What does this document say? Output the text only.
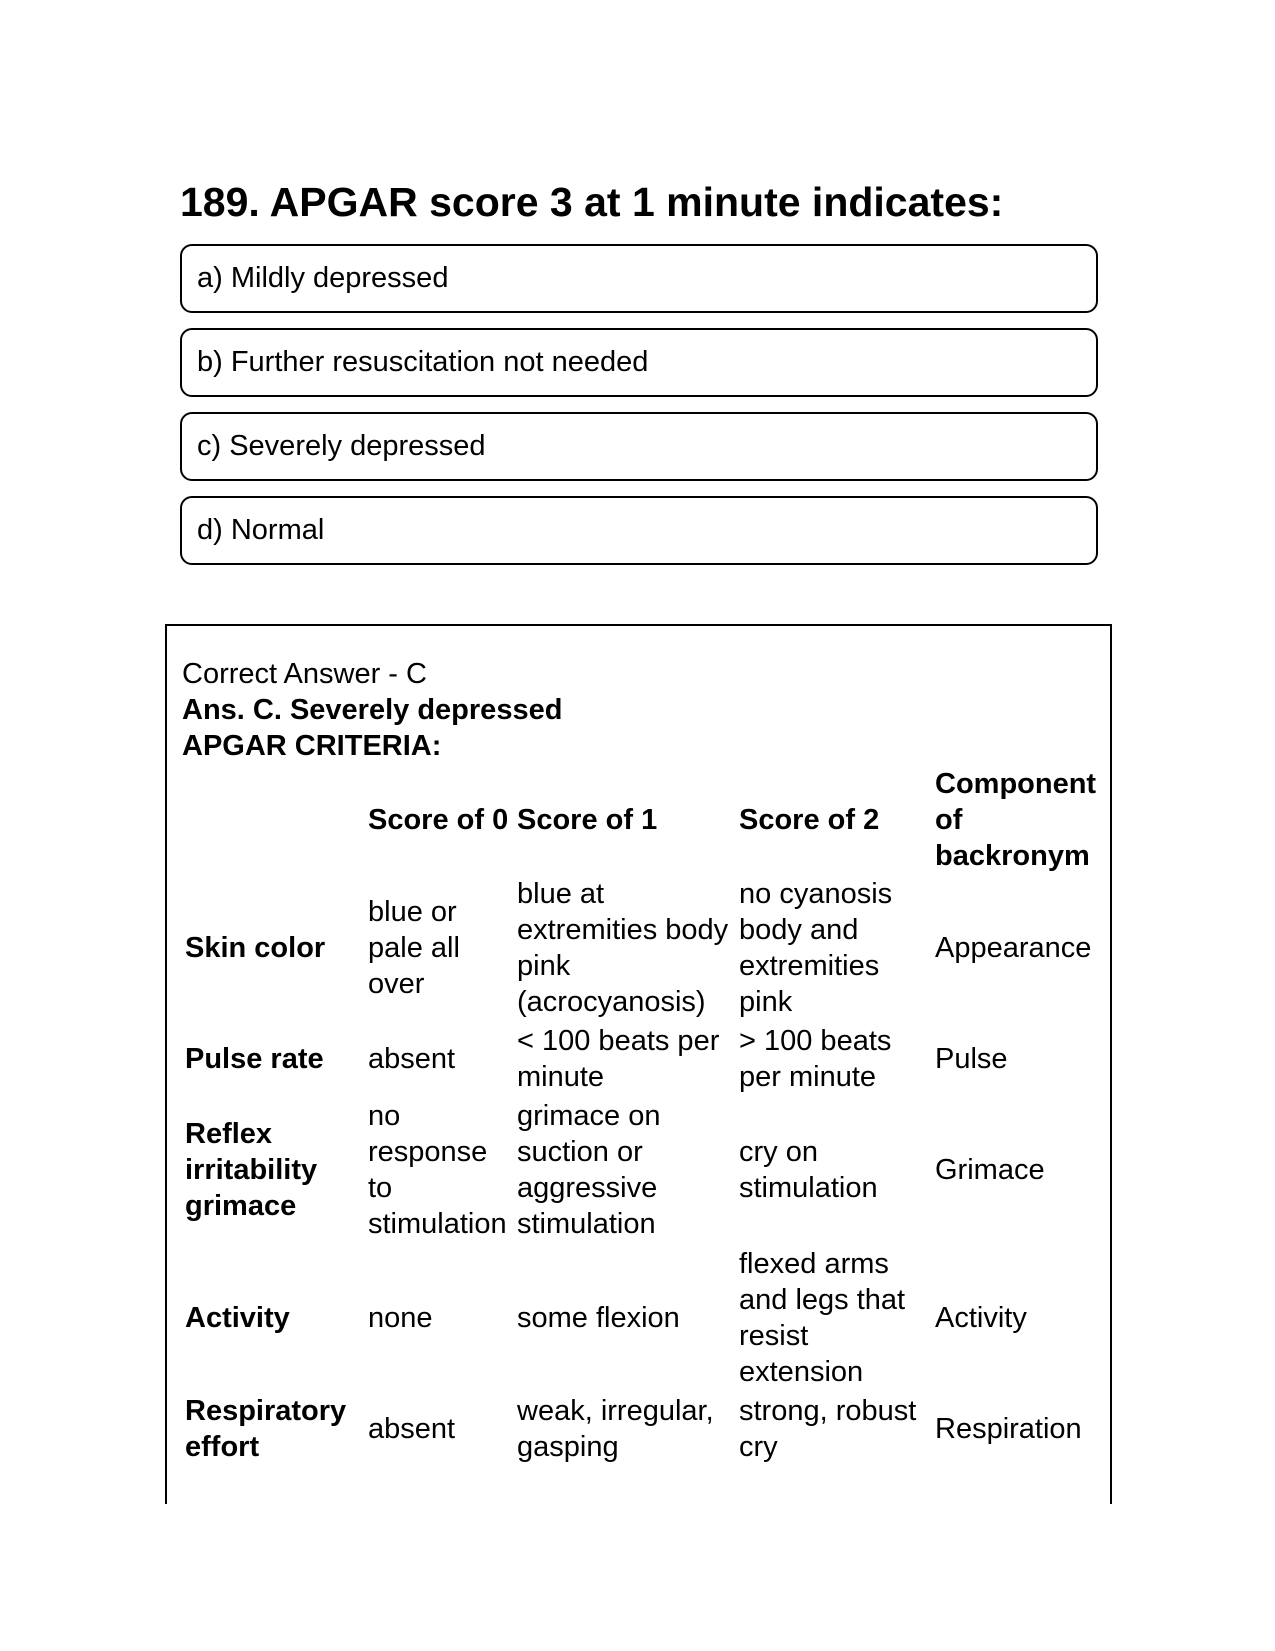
189. APGAR score 3 at 1 minute indicates:
a) Mildly depressed
b) Further resuscitation not needed
c) Severely depressed
d) Normal
Correct Answer - C
Ans. C. Severely depressed
APGAR CRITERIA:
	Score of 0	Score of 1	Score of 2	Component of backronym
Skin color	blue or pale all over	blue at extremities body pink (acrocyanosis)	no cyanosis body and extremities pink	Appearance
Pulse rate	absent	< 100 beats per minute	> 100 beats per minute	Pulse
Reflex irritability grimace	no response to stimulation	grimace on suction or aggressive stimulation	cry on stimulation	Grimace
Activity	none	some flexion	flexed arms and legs that resist extension	Activity
Respiratory effort	absent	weak, irregular, gasping	strong, robust cry	Respiration
